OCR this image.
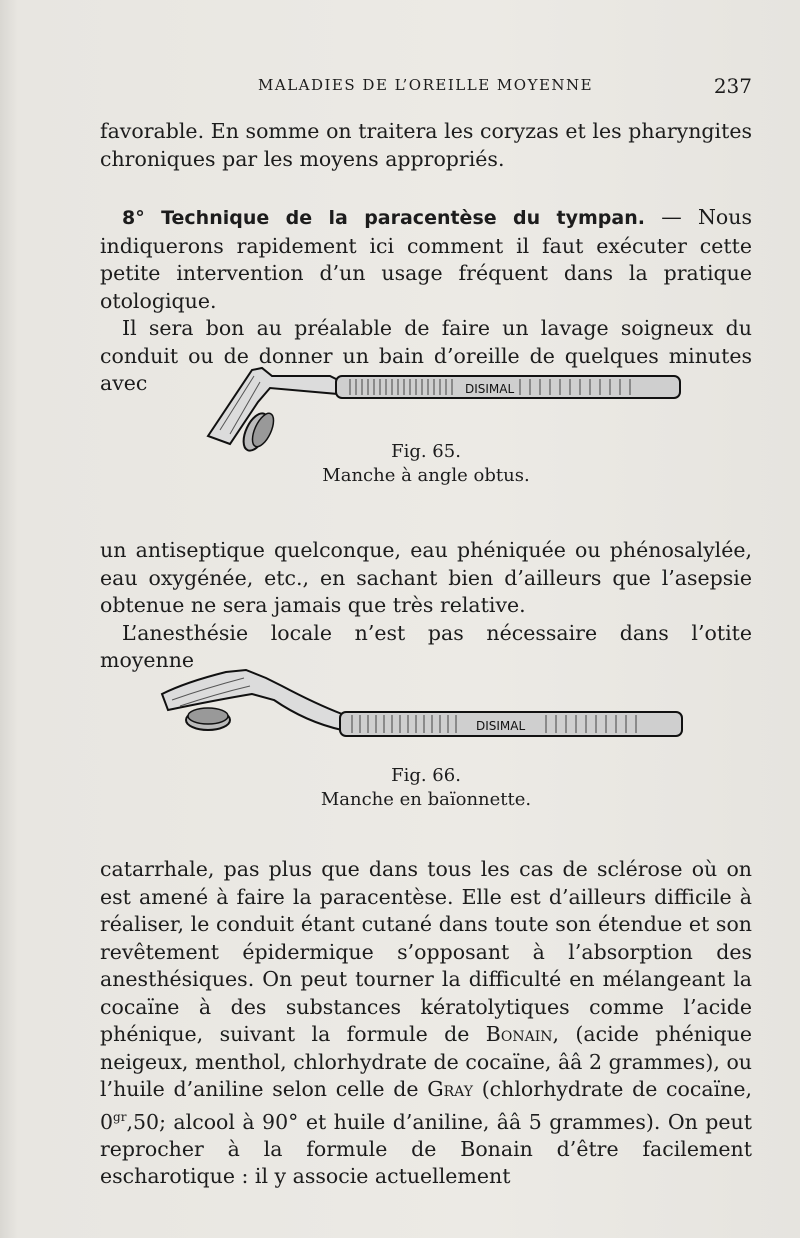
MALADIES DE L’OREILLE MOYENNE	237

favorable. En somme on traitera les coryzas et les pharyngites chroniques par les moyens appropriés.

8° Technique de la paracentèse du tympan. — Nous indiquerons rapidement ici comment il faut exécuter cette petite intervention d’un usage fréquent dans la pratique otologique.

Il sera bon au préalable de faire un lavage soigneux du conduit ou de donner un bain d’oreille de quelques minutes avec	DISIMAL
Fig. 65.
Manche à angle obtus.

un antiseptique quelconque, eau phéniquée ou phénosalylée, eau oxygénée, etc., en sachant bien d’ailleurs que l’asepsie obtenue ne sera jamais que très relative.

L’anesthésie locale n’est pas nécessaire dans l’otite moyenne

DISIMAL
Fig. 66.
Manche en baïonnette.

catarrhale, pas plus que dans tous les cas de sclérose où on est amené à faire la paracentèse. Elle est d’ailleurs difficile à réaliser, le conduit étant cutané dans toute son étendue et son revêtement épidermique s’opposant à l’absorption des anesthésiques. On peut tourner la difficulté en mélangeant la cocaïne à des substances kératolytiques comme l’acide phénique, suivant la formule de Bonain, (acide phénique neigeux, menthol, chlorhydrate de cocaïne, ââ 2 grammes), ou l’huile d’aniline selon celle de Gray (chlorhydrate de cocaïne, $0^{gr},50$; alcool à 90° et huile d’aniline, ââ 5 grammes). On peut reprocher à la formule de Bonain d’être facilement escharotique : il y associe actuellement
